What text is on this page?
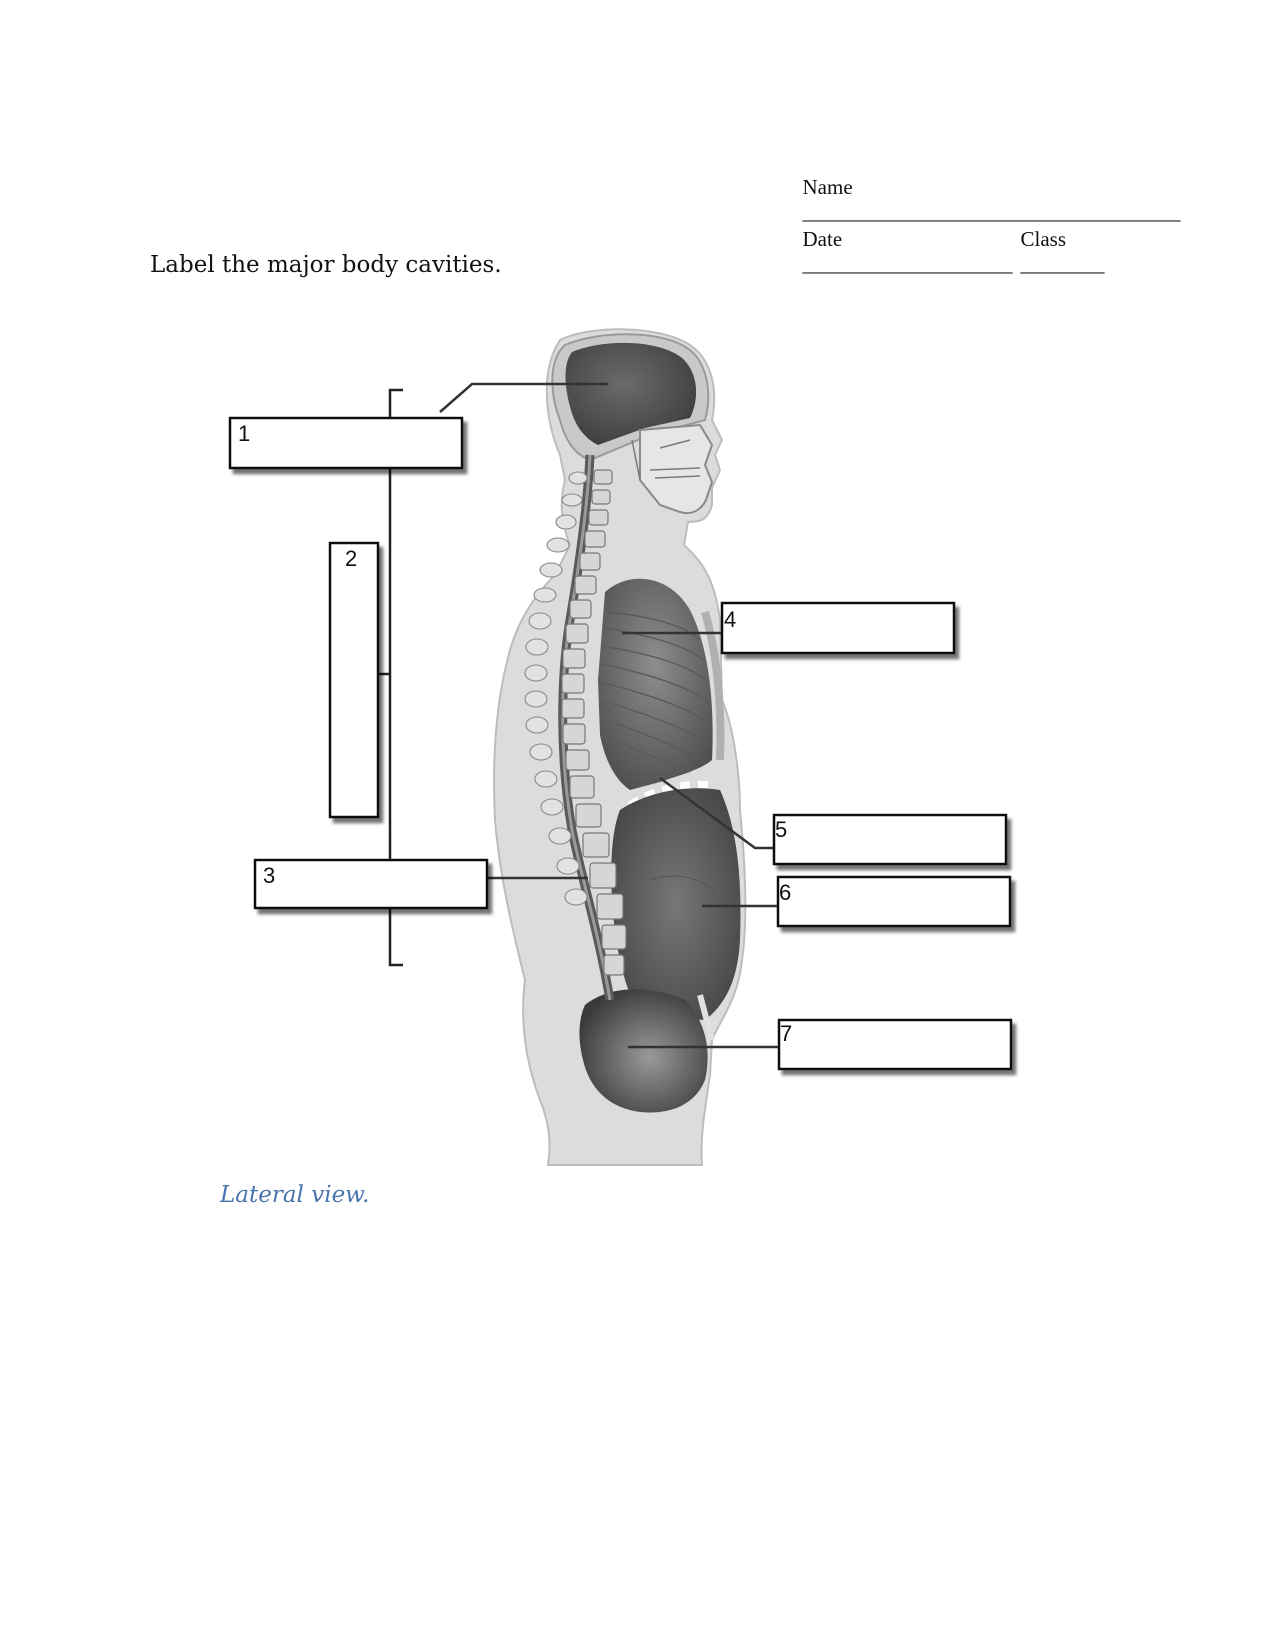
Name
____________________________________

Date
____________________

Class
________

Label the major body cavities.
1
2
3
4
5
6
7
Lateral view.
